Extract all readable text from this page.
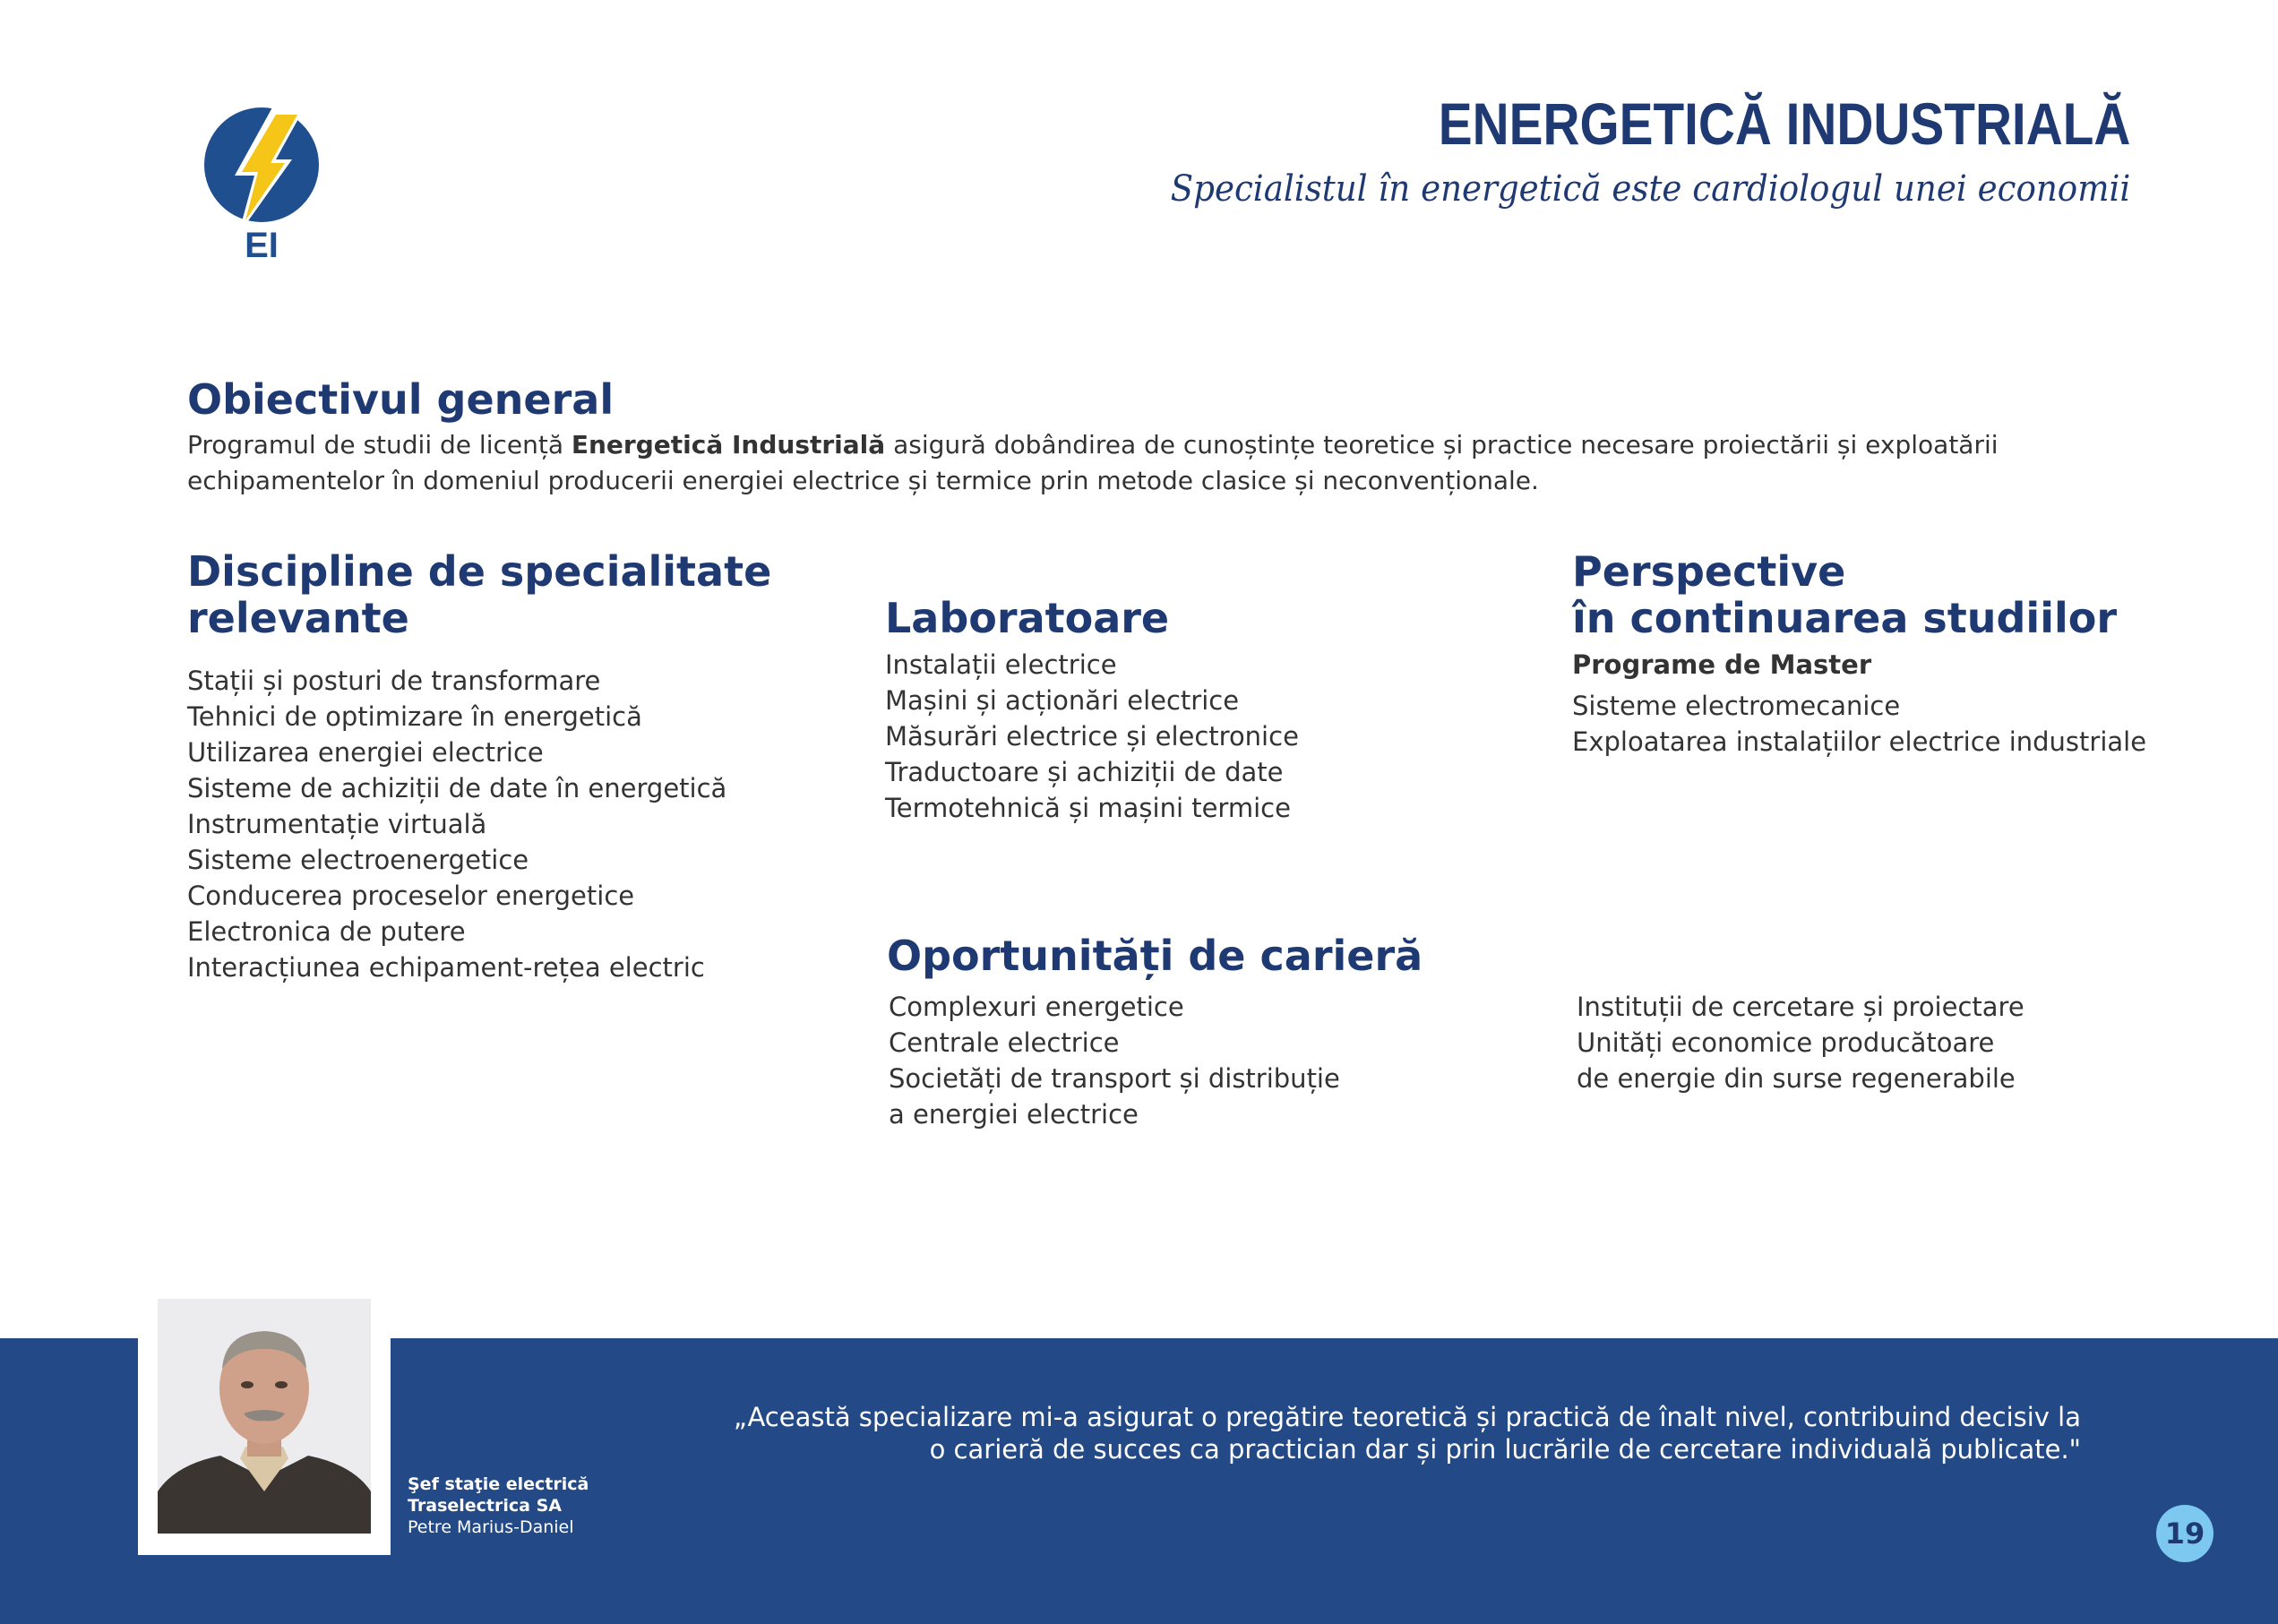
EI
ENERGETICĂ INDUSTRIALĂ
Specialistul în energetică este cardiologul unei economii
Obiectivul general
Programul de studii de licență Energetică Industrială asigură dobândirea de cunoștințe teoretice și practice necesare proiectării și exploatării echipamentelor în domeniul producerii energiei electrice și termice prin metode clasice și neconvenționale.
Discipline de specialitate
relevante
Stații și posturi de transformare
Tehnici de optimizare în energetică
Utilizarea energiei electrice
Sisteme de achiziții de date în energetică
Instrumentație virtuală
Sisteme electroenergetice
Conducerea proceselor energetice
Electronica de putere
Interacțiunea echipament-rețea electric
Laboratoare
Instalații electrice
Mașini și acționări electrice
Măsurări electrice și electronice
Traductoare și achiziții de date
Termotehnică și mașini termice
Perspective
în continuarea studiilor
Programe de Master
Sisteme electromecanice
Exploatarea instalațiilor electrice industriale
Oportunități de carieră
Complexuri energetice
Centrale electrice
Societăți de transport și distribuție
a energiei electrice
Instituții de cercetare și proiectare
Unități economice producătoare
de energie din surse regenerabile
„Această specializare mi-a asigurat o pregătire teoretică și practică de înalt nivel, contribuind decisiv la
o carieră de succes ca practician dar și prin lucrările de cercetare individuală publicate."
Şef staţie electrică
Traselectrica SA
Petre Marius-Daniel	19
